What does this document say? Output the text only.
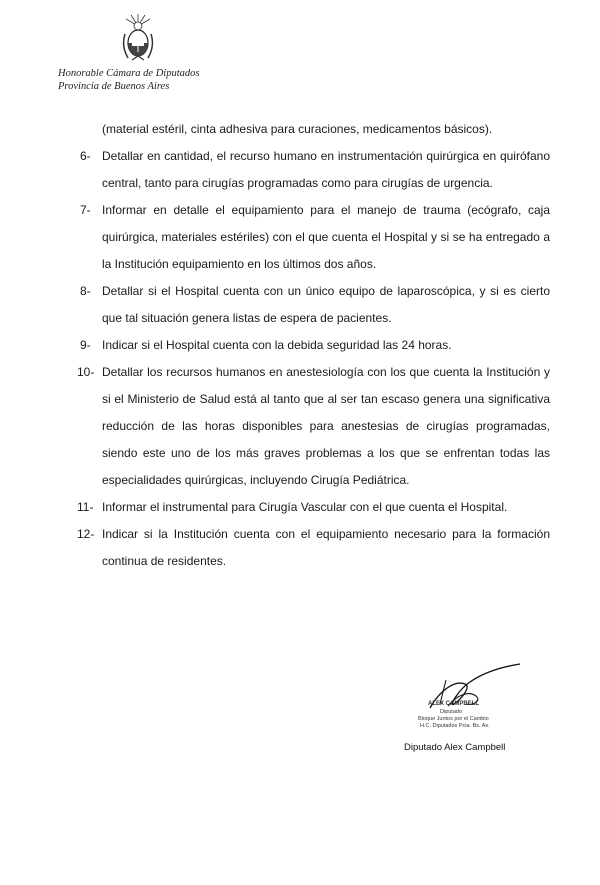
Honorable Cámara de Diputados
Provincia de Buenos Aires

(material estéril, cinta adhesiva para curaciones, medicamentos básicos).

6- Detallar en cantidad, el recurso humano en instrumentación quirúrgica en quirófano central, tanto para cirugías programadas como para cirugías de urgencia.
7- Informar en detalle el equipamiento para el manejo de trauma (ecógrafo, caja quirúrgica, materiales estériles) con el que cuenta el Hospital y si se ha entregado a la Institución equipamiento en los últimos dos años.
8- Detallar si el Hospital cuenta con un único equipo de laparoscópica, y si es cierto que tal situación genera listas de espera de pacientes.
9- Indicar si el Hospital cuenta con la debida seguridad las 24 horas.
10- Detallar los recursos humanos en anestesiología con los que cuenta la Institución y si el Ministerio de Salud está al tanto que al ser tan escaso genera una significativa reducción de las horas disponibles para anestesias de cirugías programadas, siendo este uno de los más graves problemas a los que se enfrentan todas las especialidades quirúrgicas, incluyendo Cirugía Pediátrica.
11- Informar el instrumental para Cirugía Vascular con el que cuenta el Hospital.
12- Indicar si la Institución cuenta con el equipamiento necesario para la formación continua de residentes.
ALEX CAMPBELL
Diputado
Bloque Juntos por el Cambio
H.C. Diputados Pcia. Bs. As.
Diputado Alex Campbell
